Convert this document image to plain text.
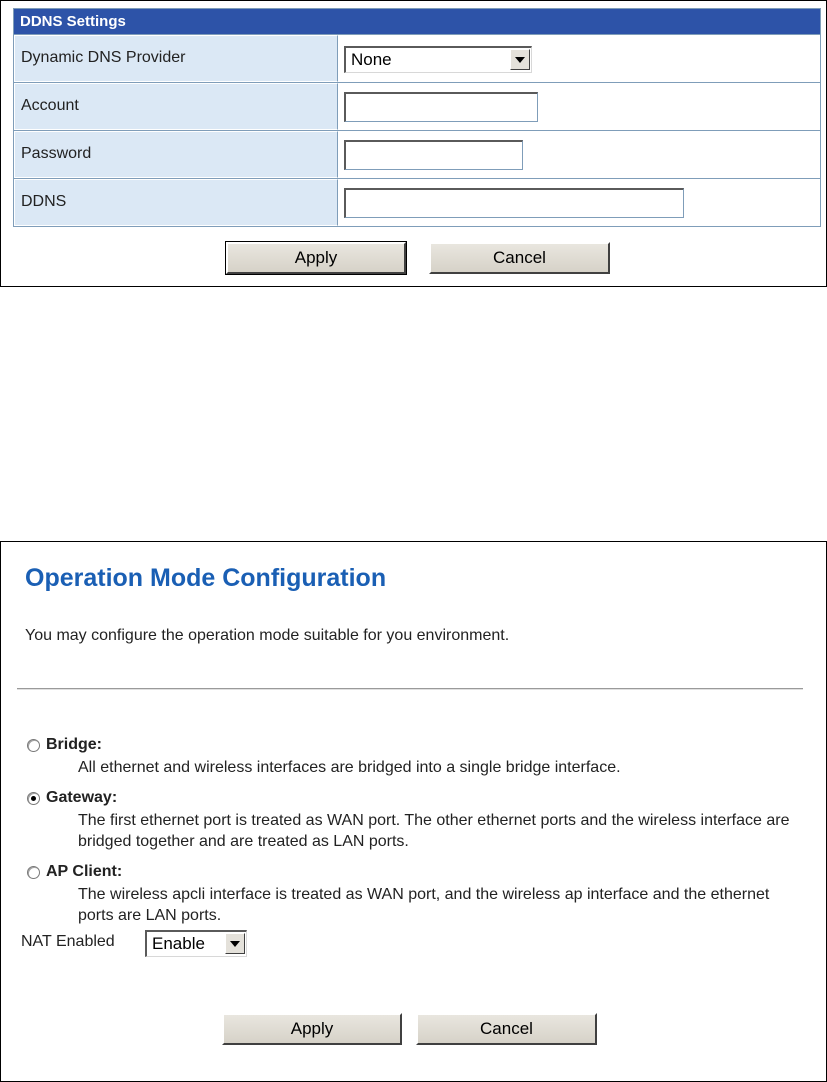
DDNS Settings
Dynamic DNS Provider	None
Account
Password
DDNS
Apply	Cancel
Operation Mode Configuration
You may configure the operation mode suitable for you environment.
Bridge:
All ethernet and wireless interfaces are bridged into a single bridge interface.
Gateway:
The first ethernet port is treated as WAN port. The other ethernet ports and the wireless interface are bridged together and are treated as LAN ports.
AP Client:
The wireless apcli interface is treated as WAN port, and the wireless ap interface and the ethernet ports are LAN ports.
NAT Enabled	Enable
Apply	Cancel
